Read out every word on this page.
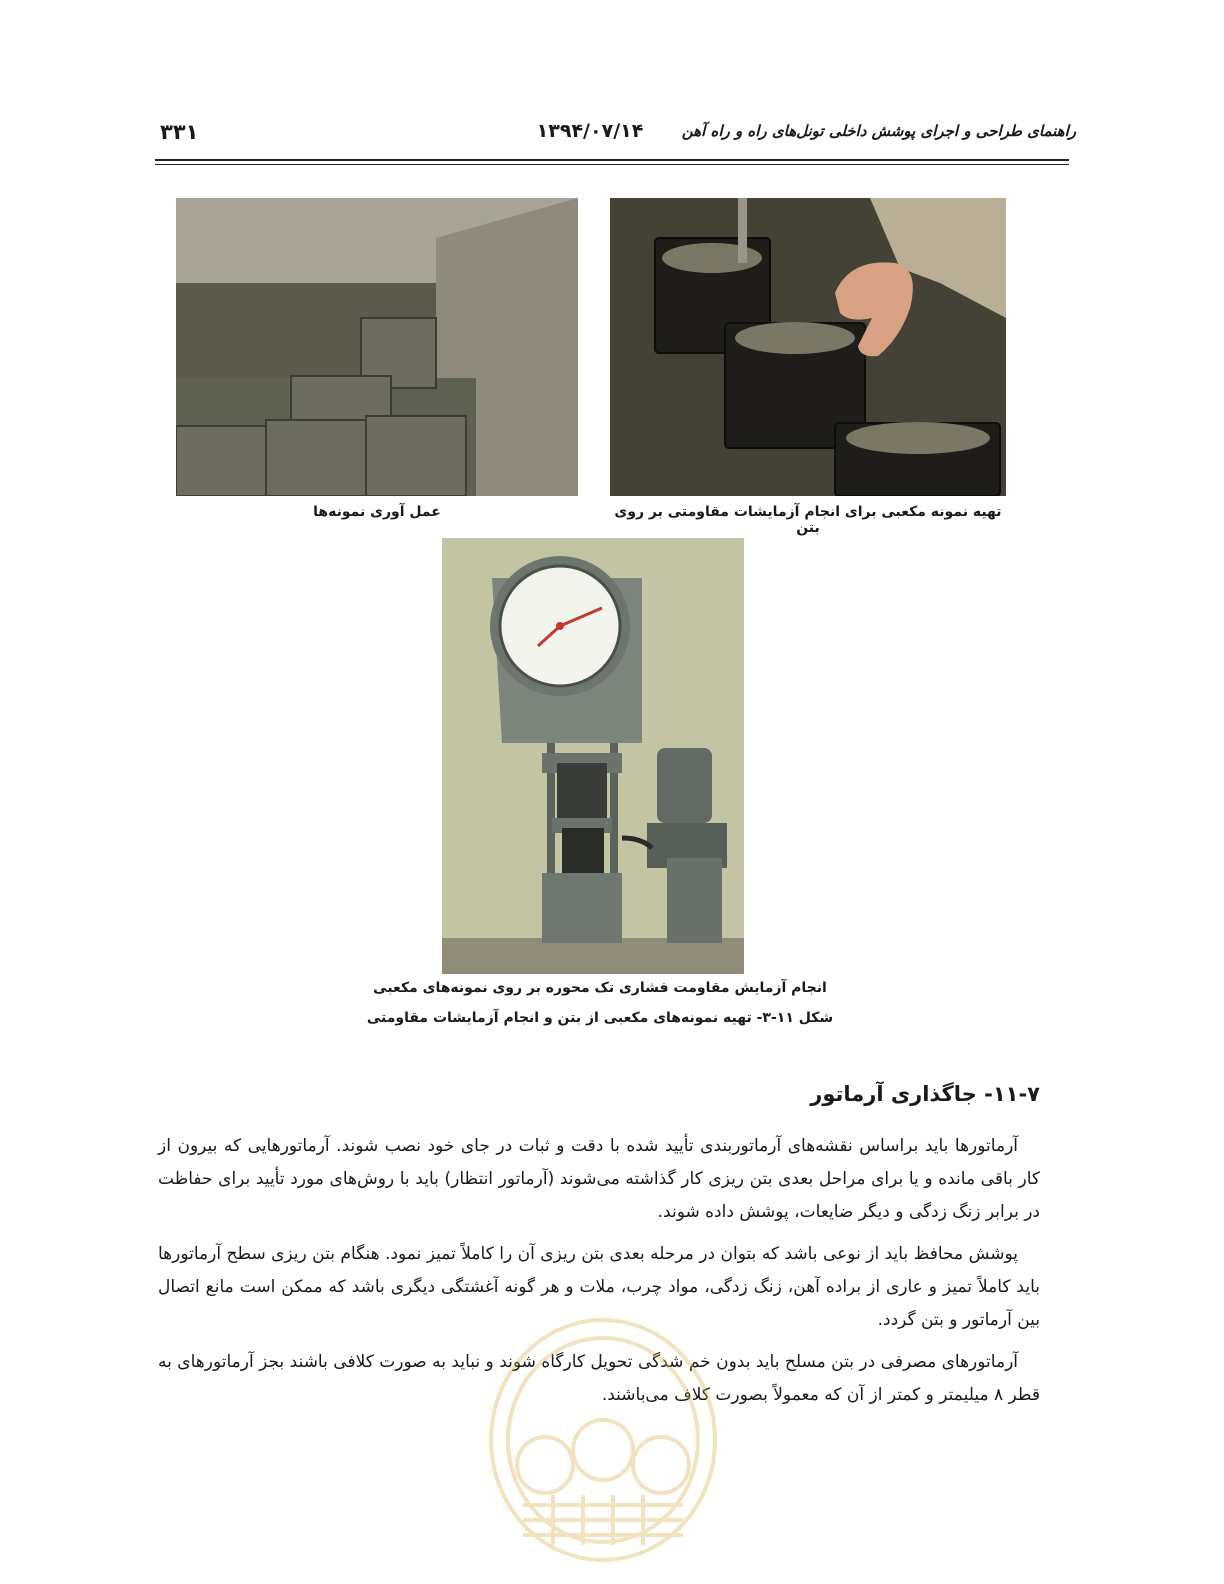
راهنمای طراحی و اجرای پوشش داخلی تونل‌های راه و راه آهن
۱۳۹۴/۰۷/۱۴
۳۳۱
تهیه نمونه مکعبی برای انجام آزمایشات مقاومتی بر روی بتن
عمل آوری نمونه‌ها
انجام آزمایش مقاومت فشاری تک محوره بر روی نمونه‌های مکعبی
شکل ۱۱-۳- تهیه نمونه‌های مکعبی از بتن و انجام آزمایشات مقاومتی
۱۱-۷- جاگذاری آرماتور
آرماتورها باید براساس نقشه‌های آرماتوربندی تأیید شده با دقت و ثبات در جای خود نصب شوند. آرماتورهایی که بیرون از کار باقی مانده و یا برای مراحل بعدی بتن ریزی کار گذاشته می‌شوند (آرماتور انتظار) باید با روش‌های مورد تأیید برای حفاظت در برابر زنگ زدگی و دیگر ضایعات، پوشش داده شوند.
پوشش محافظ باید از نوعی باشد که بتوان در مرحله بعدی بتن ریزی آن را کاملاً تمیز نمود. هنگام بتن ریزی سطح آرماتورها باید کاملاً تمیز و عاری از براده آهن، زنگ زدگی، مواد چرب، ملات و هر گونه آغشتگی دیگری باشد که ممکن است مانع اتصال بین آرماتور و بتن گردد.
آرماتورهای مصرفی در بتن مسلح باید بدون خم شدگی تحویل کارگاه شوند و نباید به صورت کلافی باشند بجز آرماتورهای به قطر ۸ میلیمتر و کمتر از آن که معمولاً بصورت کلاف می‌باشند.
